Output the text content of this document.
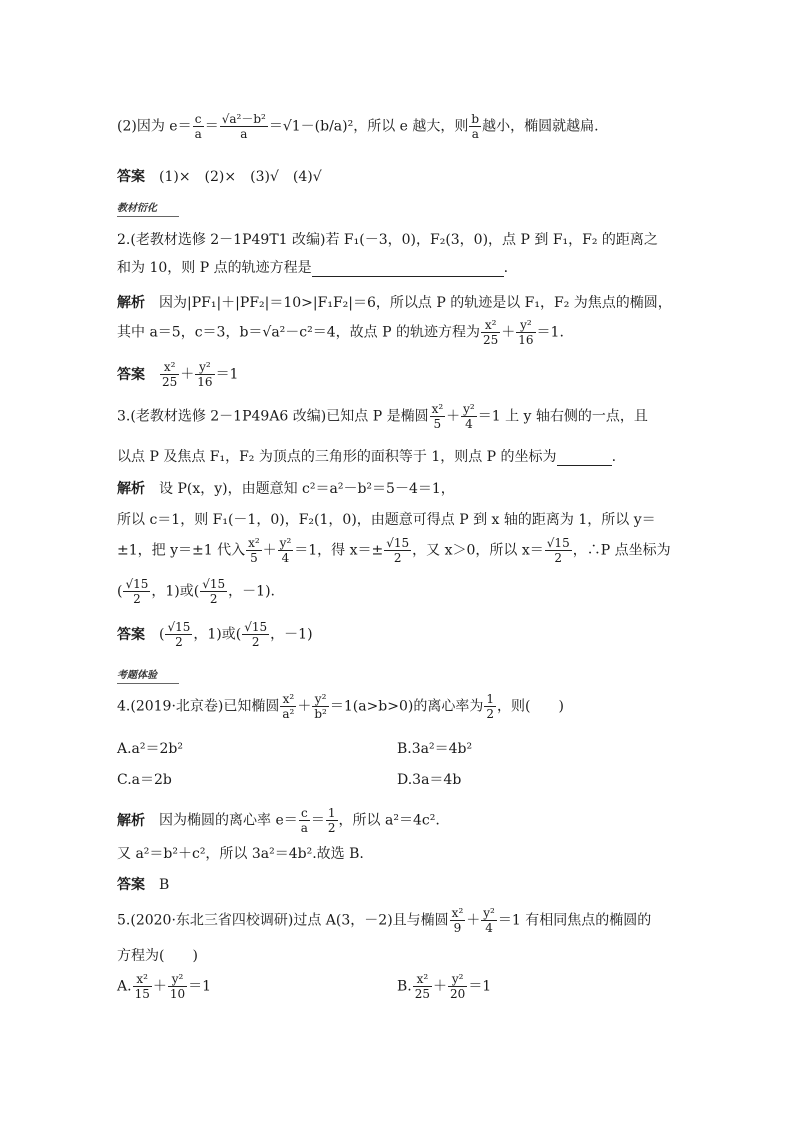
(2)因为 $e= \frac{c}{a} = \frac{\text{√a²－b²}}{a} =√1-(b/a)^2$，所以 e 越大，则 $\frac{b}{a}$ 越小，椭圆就越扁.
答案 (1)×　(2)×　(3)√　(4)√
教材衍化
2.(老教材选修 2－1P49T1 改编)若 F₁(－3，0)，F₂(3，0)，点 P 到 F₁，F₂ 的距离之
和为 10，则 P 点的轨迹方程是	.
解析 因为|PF₁|＋|PF₂|＝10>|F₁F₂|＝6，所以点 P 的轨迹是以 F₁，F₂ 为焦点的椭圆，
其中 a＝5，c＝3，b＝√a²－c²＝4，故点 P 的轨迹方程为 $\frac{\text{x²}}{25} + \frac{\text{y²}}{16} =1$.
答案 $\frac{\text{x²}}{25} + \frac{\text{y²}}{16} =1$
3.(老教材选修 2－1P49A6 改编)已知点 P 是椭圆 $\frac{\text{x²}}{5} + \frac{\text{y²}}{4} =1$ 上 y 轴右侧的一点，且
以点 P 及焦点 F₁，F₂ 为顶点的三角形的面积等于 1，则点 P 的坐标为	.
解析 设 P(x，y)，由题意知 c²＝a²－b²＝5－4＝1，
所以 c＝1，则 F₁(－1，0)，F₂(1，0)，由题意可得点 P 到 x 轴的距离为 1，所以 y＝
±1，把 y＝±1 代入 $\frac{\text{x²}}{5} + \frac{\text{y²}}{4} =1$，得 $x=\pm \frac{√15}{2}$ ，又 x＞0，所以 $x= \frac{√15}{2}$ ，∴P 点坐标为
( $\frac{√15}{2}$ ，1)或( $\frac{√15}{2}$ ，－1).
答案 ( $\frac{√15}{2}$ ，1)或( $\frac{√15}{2}$ ，－1)
考题体验
4.(2019·北京卷)已知椭圆 $\frac{\text{x²}}{\text{a²}} + \frac{\text{y²}}{\text{b²}} =1(a>b>0)$的离心率为 $\frac{1}{2}$ ，则(　　)
A.a²＝2b²	B.3a²＝4b²
C.a＝2b	D.3a＝4b
解析 因为椭圆的离心率 $e= \frac{c}{a} = \frac{1}{2}$ ，所以 a²＝4c².
又 a²＝b²＋c²，所以 3a²＝4b².故选 B.
答案 B
5.(2020·东北三省四校调研)过点 A(3，－2)且与椭圆 $\frac{\text{x²}}{9} + \frac{\text{y²}}{4} =1$ 有相同焦点的椭圆的
方程为(　　)
A. $\frac{\text{x²}}{15} + \frac{\text{y²}}{10} =1$	B. $\frac{\text{x²}}{25} + \frac{\text{y²}}{20} =1$
